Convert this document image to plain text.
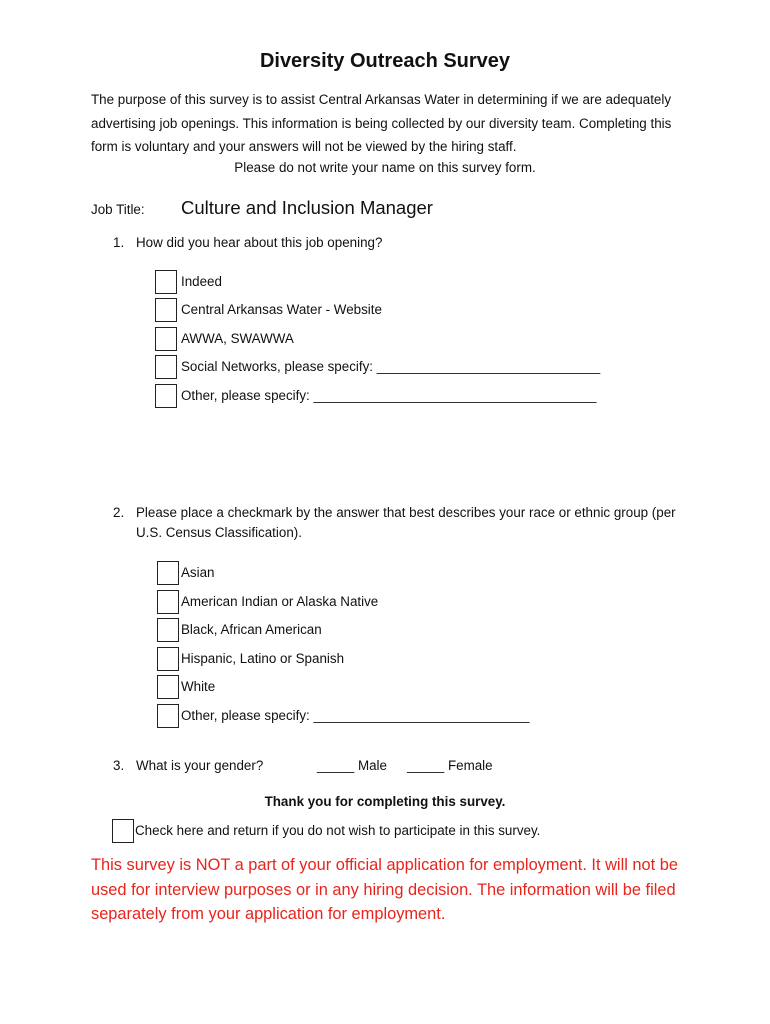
Diversity Outreach Survey
The purpose of this survey is to assist Central Arkansas Water in determining if we are adequately advertising job openings. This information is being collected by our diversity team. Completing this form is voluntary and your answers will not be viewed by the hiring staff.
Please do not write your name on this survey form.
Job Title: Culture and Inclusion Manager
1. How did you hear about this job opening?
Indeed
Central Arkansas Water - Website
AWWA, SWAWWA
Social Networks, please specify: ______________________________
Other, please specify: ______________________________________
2. Please place a checkmark by the answer that best describes your race or ethnic group (per U.S. Census Classification).
Asian
American Indian or Alaska Native
Black, African American
Hispanic, Latino or Spanish
White
Other, please specify: _____________________________
3. What is your gender?	_____ Male _____ Female
Thank you for completing this survey.
Check here and return if you do not wish to participate in this survey.
This survey is NOT a part of your official application for employment. It will not be used for interview purposes or in any hiring decision. The information will be filed separately from your application for employment.
